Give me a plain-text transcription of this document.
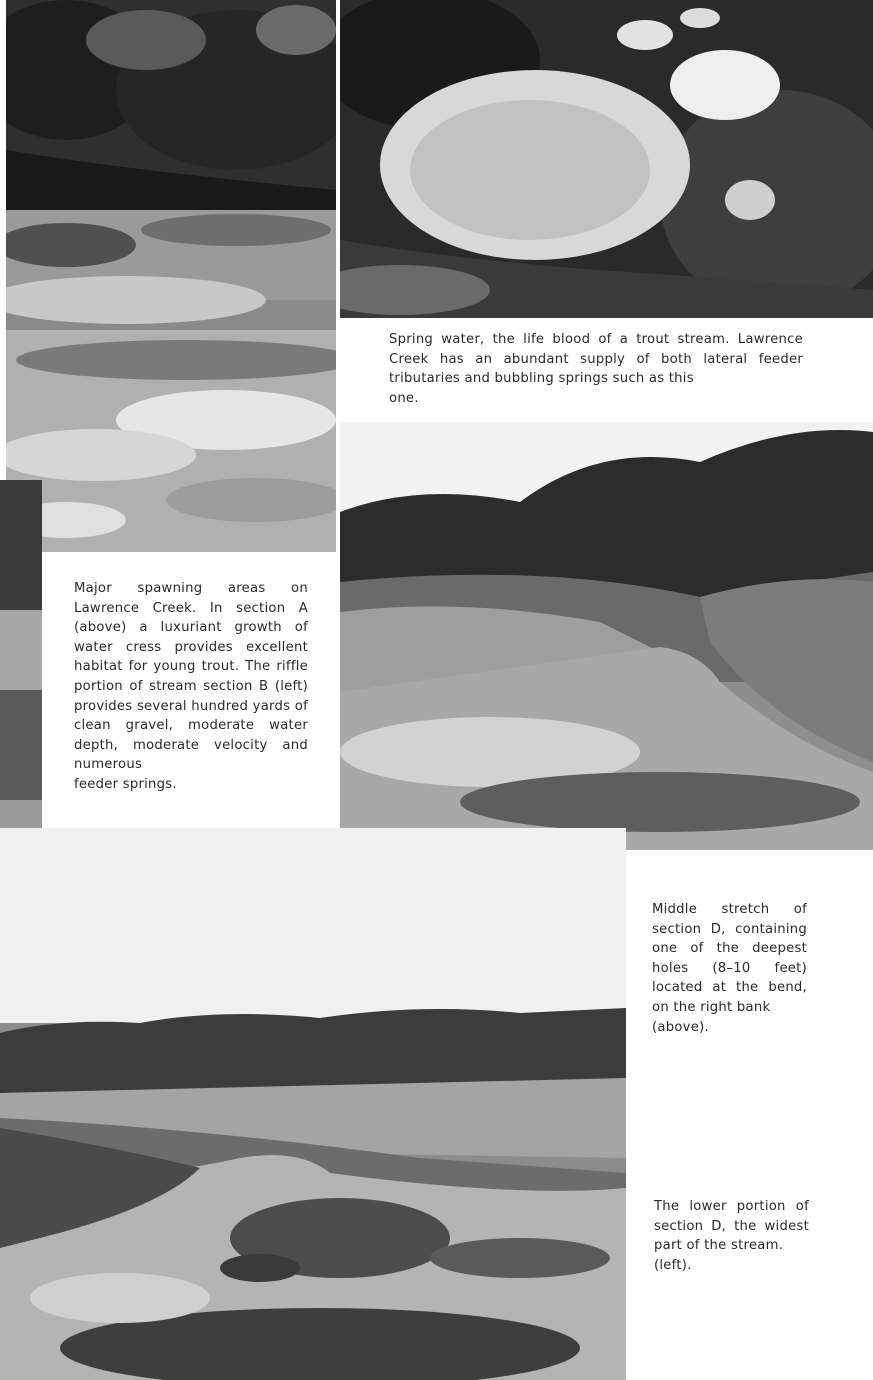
Major spawning areas on Lawrence Creek. In section A (above) a luxuriant growth of water cress provides excellent habitat for young trout. The riffle portion of stream section B (left) provides several hundred yards of clean gravel, moderate water depth, moderate velocity and numerous
feeder springs.
Spring water, the life blood of a trout stream. Lawrence Creek has an abundant supply of both lateral feeder tributaries and bubbling springs such as this
one.
Middle stretch of section D, containing one of the deepest holes (8–10 feet) located at the bend, on the right bank
(above).
The lower portion of section D, the widest part of the stream.
(left).
